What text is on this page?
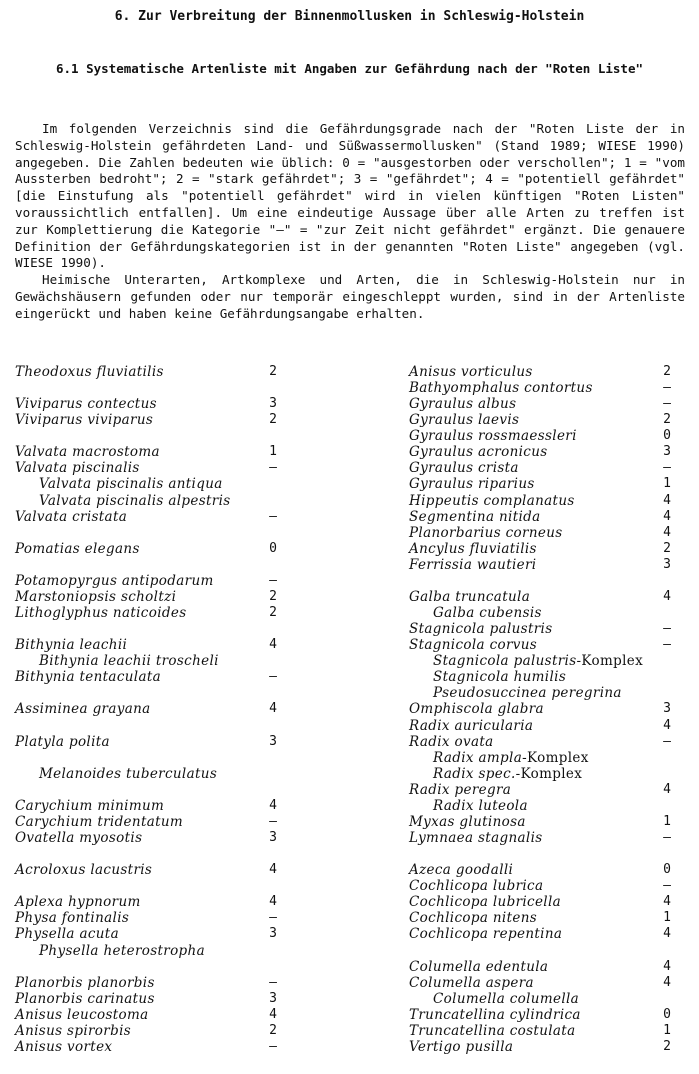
6. Zur Verbreitung der Binnenmollusken in Schleswig-Holstein
6.1 Systematische Artenliste mit Angaben zur Gefährdung nach der "Roten Liste"

Im folgenden Verzeichnis sind die Gefährdungsgrade nach der "Roten Liste der in Schleswig-Holstein gefährdeten Land- und Süßwassermollusken" (Stand 1989; WIESE 1990) angegeben. Die Zahlen bedeuten wie üblich: 0 = "ausgestorben oder verschollen"; 1 = "vom Aussterben bedroht"; 2 = "stark gefährdet"; 3 = "gefährdet"; 4 = "potentiell gefährdet" [die Einstufung als "potentiell gefährdet" wird in vielen künftigen "Roten Listen" voraussichtlich entfallen]. Um eine eindeutige Aussage über alle Arten zu treffen ist zur Komplettierung die Kategorie "–" = "zur Zeit nicht gefährdet" ergänzt. Die genauere Definition der Gefährdungskategorien ist in der genannten "Roten Liste" angegeben (vgl. WIESE 1990).

Heimische Unterarten, Artkomplexe und Arten, die in Schleswig-Holstein nur in Gewächshäusern gefunden oder nur temporär eingeschleppt wurden, sind in der Artenliste eingerückt und haben keine Gefährdungsangabe erhalten.

Theodoxus fluviatilis	2
Viviparus contectus	3
Viviparus viviparus	2
Valvata macrostoma	1
Valvata piscinalis	–
Valvata piscinalis antiqua
Valvata piscinalis alpestris
Valvata cristata	–
Pomatias elegans	0
Potamopyrgus antipodarum	–
Marstoniopsis scholtzi	2
Lithoglyphus naticoides	2
Bithynia leachii	4
Bithynia leachii troscheli
Bithynia tentaculata	–
Assiminea grayana	4
Platyla polita	3
Melanoides tuberculatus
Carychium minimum	4
Carychium tridentatum	–
Ovatella myosotis	3
Acroloxus lacustris	4
Aplexa hypnorum	4
Physa fontinalis	–
Physella acuta	3
Physella heterostropha
Planorbis planorbis	–
Planorbis carinatus	3
Anisus leucostoma	4
Anisus spirorbis	2
Anisus vortex	–
Anisus vorticulus	2
Bathyomphalus contortus	–
Gyraulus albus	–
Gyraulus laevis	2
Gyraulus rossmaessleri	0
Gyraulus acronicus	3
Gyraulus crista	–
Gyraulus riparius	1
Hippeutis complanatus	4
Segmentina nitida	4
Planorbarius corneus	4
Ancylus fluviatilis	2
Ferrissia wautieri	3
Galba truncatula	4
Galba cubensis
Stagnicola palustris	–
Stagnicola corvus	–
Stagnicola palustris-Komplex
Stagnicola humilis
Pseudosuccinea peregrina
Omphiscola glabra	3
Radix auricularia	4
Radix ovata	–
Radix ampla-Komplex
Radix spec.-Komplex
Radix peregra	4
Radix luteola
Myxas glutinosa	1
Lymnaea stagnalis	–
Azeca goodalli	0
Cochlicopa lubrica	–
Cochlicopa lubricella	4
Cochlicopa nitens	1
Cochlicopa repentina	4
Columella edentula	4
Columella aspera	4
Columella columella
Truncatellina cylindrica	0
Truncatellina costulata	1
Vertigo pusilla	2
